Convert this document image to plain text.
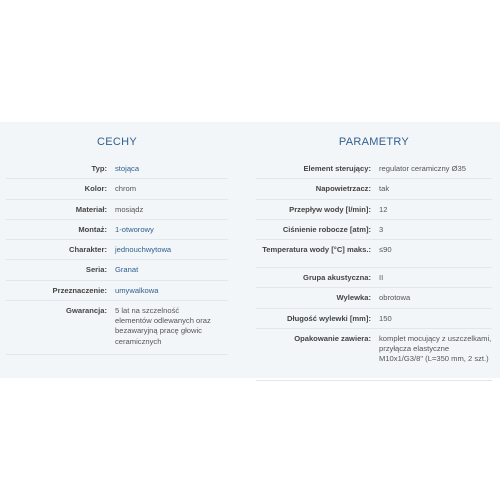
CECHY
Typ:	stojąca
Kolor:	chrom
Materiał:	mosiądz
Montaż:	1-otworowy
Charakter:	jednouchwytowa
Seria:	Granat
Przeznaczenie:	umywalkowa
Gwarancja:	5 lat na szczelność elementów odlewanych oraz bezawaryjną pracę głowic ceramicznych
PARAMETRY
Element sterujący:	regulator ceramiczny Ø35
Napowietrzacz:	tak
Przepływ wody [l/min]:	12
Ciśnienie robocze [atm]:	3
Temperatura wody [°C] maks.:	≤90
Grupa akustyczna:	II
Wylewka:	obrotowa
Długość wylewki [mm]:	150
Opakowanie zawiera:	komplet mocujący z uszczelkami, przyłącza elastyczne M10x1/G3/8" (L=350 mm, 2 szt.)
